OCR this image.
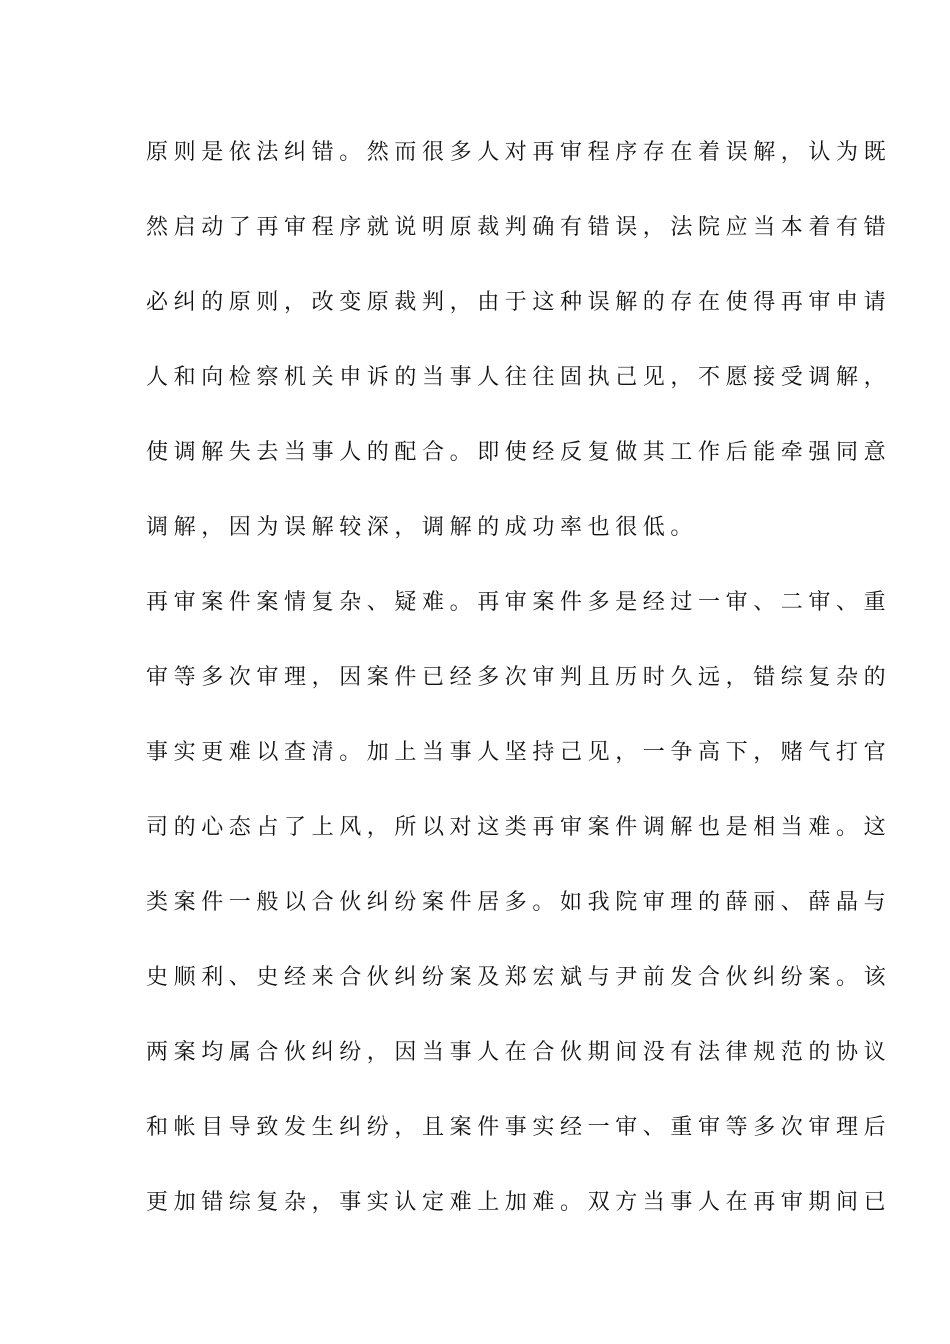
原则是依法纠错。然而很多人对再审程序存在着误解，认为既
然启动了再审程序就说明原裁判确有错误，法院应当本着有错
必纠的原则，改变原裁判，由于这种误解的存在使得再审申请
人和向检察机关申诉的当事人往往固执己见，不愿接受调解，
使调解失去当事人的配合。即使经反复做其工作后能牵强同意
调解，因为误解较深，调解的成功率也很低。
再审案件案情复杂、疑难。再审案件多是经过一审、二审、重
审等多次审理，因案件已经多次审判且历时久远，错综复杂的
事实更难以查清。加上当事人坚持己见，一争高下，赌气打官
司的心态占了上风，所以对这类再审案件调解也是相当难。这
类案件一般以合伙纠纷案件居多。如我院审理的薛丽、薛晶与
史顺利、史经来合伙纠纷案及郑宏斌与尹前发合伙纠纷案。该
两案均属合伙纠纷，因当事人在合伙期间没有法律规范的协议
和帐目导致发生纠纷，且案件事实经一审、重审等多次审理后
更加错综复杂，事实认定难上加难。双方当事人在再审期间已
